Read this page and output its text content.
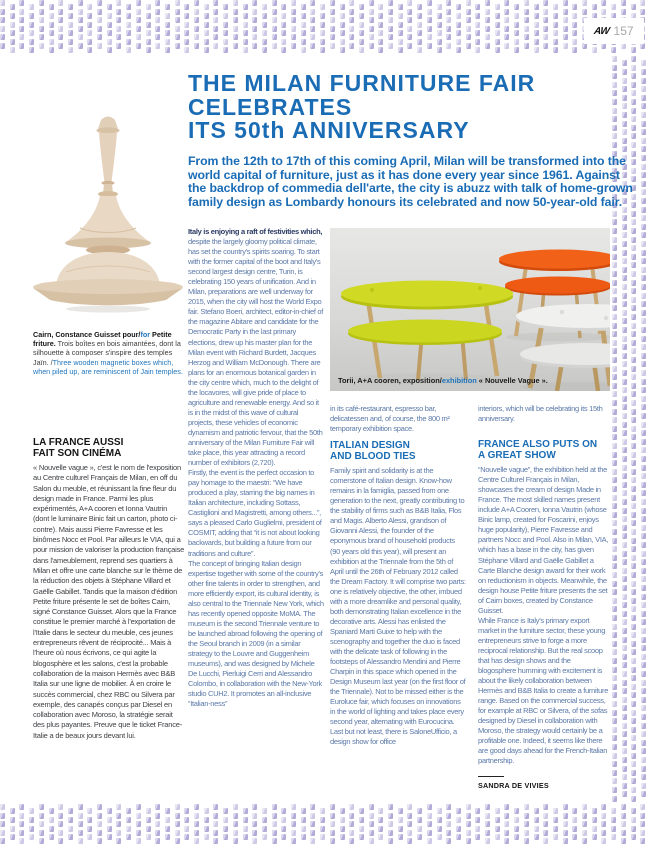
AW 157
THE MILAN FURNITURE FAIR
CELEBRATES
ITS 50th ANNIVERSARY

From the 12th to 17th of this coming April, Milan will be transformed into the world capital of furniture, just as it has done every year since 1961. Against the backdrop of commedia dell'arte, the city is abuzz with talk of home-grown family design as Lombardy honours its celebrated and now 50-year-old fair.

Cairn, Constance Guisset pour/for Petite friture. Trois boîtes en bois aimantées, dont la silhouette à composer s'inspire des temples Jaïn. /Three wooden magnetic boxes which, when piled up, are reminiscent of Jain temples.
LA FRANCE AUSSI
FAIT SON CINÉMA

« Nouvelle vague », c'est le nom de l'exposition au Centre culturel Français de Milan, en off du Salon du meuble, et réunissant la fine fleur du design made in France. Parmi les plus expérimentés, A+A cooren et Ionna Vautrin (dont le luminaire Binic fait un carton, photo ci-contre). Mais aussi Pierre Favresse et les binômes Nocc et Pool. Par ailleurs le VIA, qui a pour mission de valoriser la production française dans l'ameublement, reprend ses quartiers à Milan et offre une carte blanche sur le thème de la réduction des objets à Stéphane Villard et Gaëlle Gabillet. Tandis que la maison d'édition Petite friture présente le set de boîtes Cairn, signé Constance Guisset. Alors que la France constitue le premier marché à l'exportation de l'Italie dans le secteur du meuble, ces jeunes entrepreneurs rêvent de réciprocité... Mais à l'heure où nous écrivons, ce qui agite la blogosphère et les salons, c'est la probable collaboration de la maison Hermès avec B&B Italia sur une ligne de mobilier. À en croire le succès commercial, chez RBC ou Silvera par exemple, des canapés conçus par Diesel en collaboration avec Moroso, la stratégie serait des plus payantes. Preuve que le ticket France-Italie a de beaux jours devant lui.

Italy is enjoying a raft of festivities which, despite the largely gloomy political climate, has set the country's spirits soaring. To start with the former capital of the boot and Italy's second largest design centre, Turin, is celebrating 150 years of unification. And in Milan, preparations are well underway for 2015, when the city will host the World Expo fair. Stefano Boeri, architect, editor-in-chief of the magazine Abitare and candidate for the Democratic Party in the last primary elections, drew up his master plan for the Milan event with Richard Burdett, Jacques Herzog and William McDonough. There are plans for an enormous botanical garden in the city centre which, much to the delight of the locavores, will give pride of place to agriculture and renewable energy. And so it is in the midst of this wave of cultural projects, these vehicles of economic dynamism and patriotic fervour, that the 50th anniversary of the Milan Furniture Fair will take place, this year attracting a record number of exhibitors (2,720).

Firstly, the event is the perfect occasion to pay homage to the maestri: “We have produced a play, starring the big names in Italian architecture, including Sottass, Castiglioni and Magistretti, among others...”, says a pleased Carlo Guglielmi, president of COSMIT, adding that “it is not about looking backwards, but building a future from our traditions and culture”.

The concept of bringing Italian design expertise together with some of the country's other fine talents in order to strengthen, and more efficiently export, its cultural identity, is also central to the Triennale New York, which has recently opened opposite MoMA. The museum is the second Triennale venture to be launched abroad following the opening of the Seoul branch in 2009 (in a similar strategy to the Louvre and Guggenheim museums), and was designed by Michele De Lucchi, Pierluigi Cerri and Alessandro Colombo, in collaboration with the New-York studio CUH2. It promotes an all-inclusive “Italian-ness”

Torii, A+A cooren, exposition/exhibition « Nouvelle Vague ».

in its café-restaurant, espresso bar, delicatessen and, of course, the 800 m² temporary exhibition space.

ITALIAN DESIGN
AND BLOOD TIES

Family spirit and solidarity is at the cornerstone of Italian design. Know-how remains in la famiglia, passed from one generation to the next, greatly contributing to the stability of firms such as B&B Italia, Flos and Magis. Alberto Alessi, grandson of Giovanni Alessi, the founder of the eponymous brand of household products (90 years old this year), will present an exhibition at the Triennale from the 5th of April until the 26th of February 2012 called the Dream Factory. It will comprise two parts: one is relatively objective, the other, imbued with a more dreamlike and personal quality, both demonstrating Italian excellence in the decorative arts. Alessi has enlisted the Spaniard Marti Guixe to help with the scenography and together the duo is faced with the delicate task of following in the footsteps of Alessandro Mendini and Pierre Charpin in this space which opened in the Design Museum last year (on the first floor of the Triennale). Not to be missed either is the Euroluce fair, which focuses on innovations in the world of lighting and takes place every second year, alternating with Eurocucina. Last but not least, there is SaloneUfficio, a design show for office

interiors, which will be celebrating its 15th anniversary.

FRANCE ALSO PUTS ON
A GREAT SHOW

“Nouvelle vague”, the exhibition held at the Centre Culturel Français in Milan, showcases the cream of design Made in France. The most skilled names present include A+A Cooren, Ionna Vautrin (whose Binic lamp, created for Foscarini, enjoys huge popularity), Pierre Favresse and partners Nocc and Pool. Also in Milan, VIA, which has a base in the city, has given Stéphane Villard and Gaëlle Gabillet a Carte Blanche design award for their work on reductionism in objects. Meanwhile, the design house Petite friture presents the set of Cairn boxes, created by Constance Guisset.

While France is Italy's primary export market in the furniture sector, these young entrepreneurs strive to forge a more reciprocal relationship. But the real scoop that has design shows and the blogosphere humming with excitement is about the likely collaboration between Hermès and B&B Italia to create a furniture range. Based on the commercial success, for example at RBC or Silvera, of the sofas designed by Diesel in collaboration with Moroso, the strategy would certainly be a profitable one. Indeed, it seems like there are good days ahead for the French-Italian partnership.

SANDRA DE VIVIES
